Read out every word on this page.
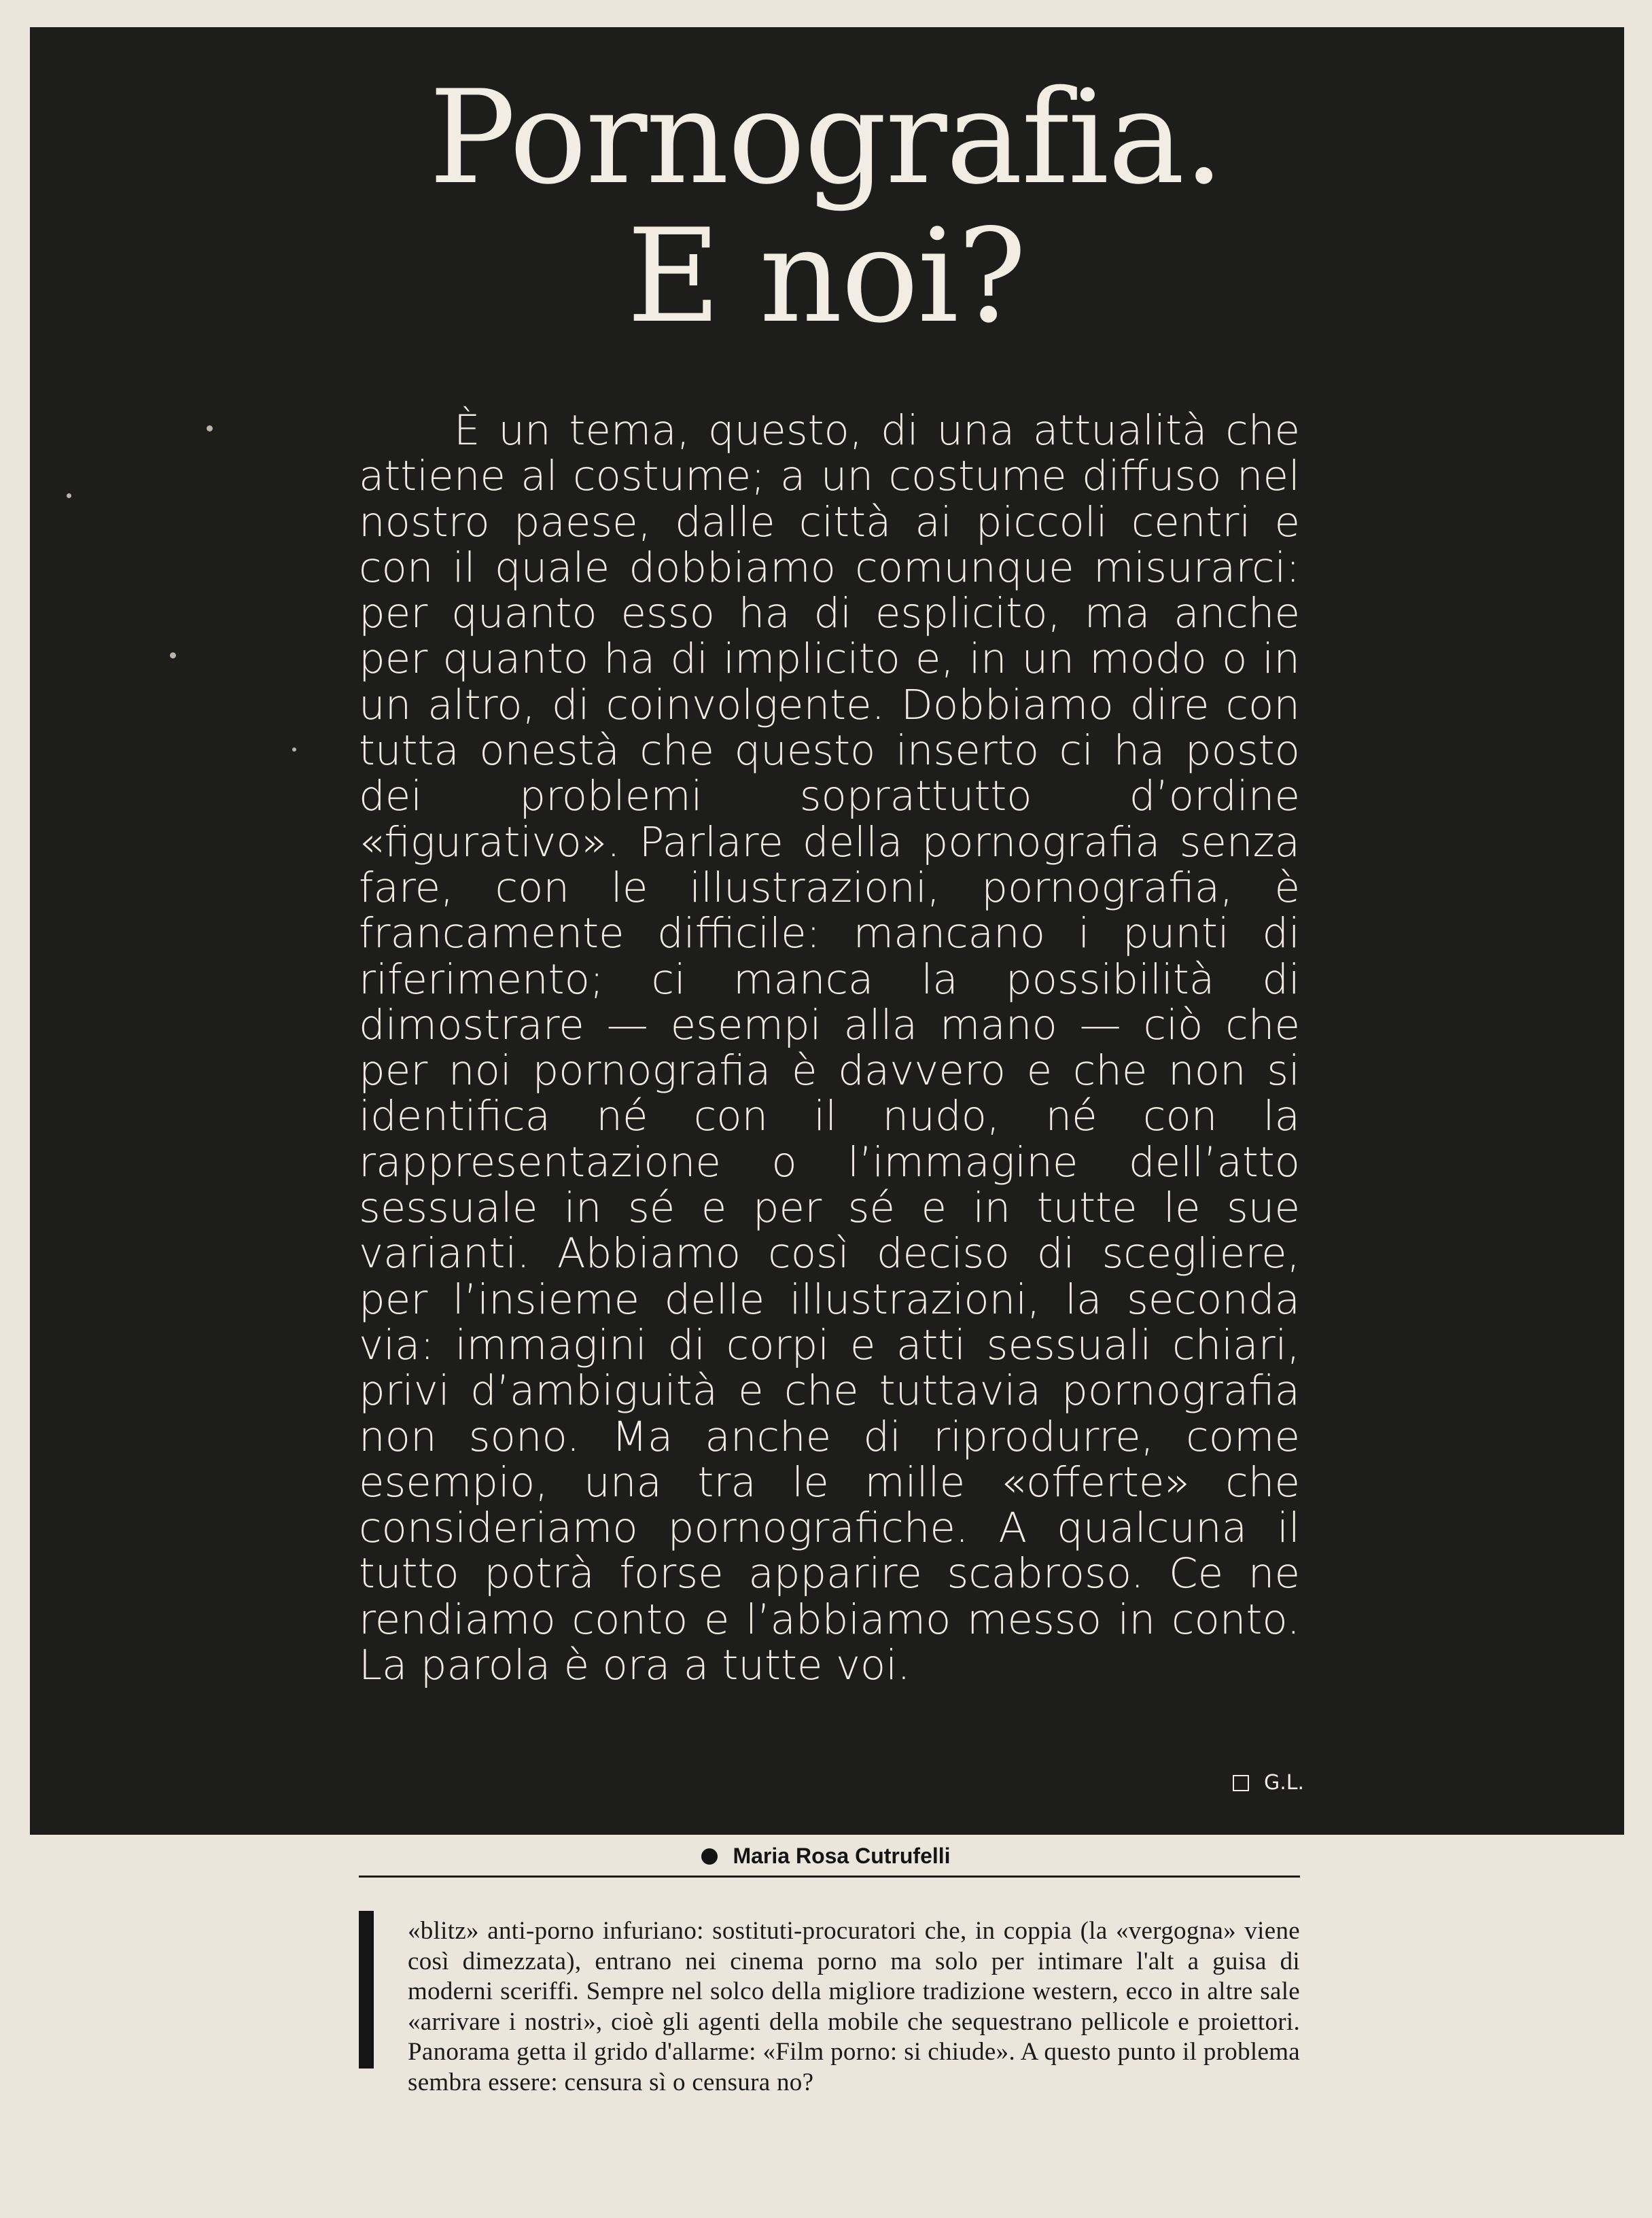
Pornografia.
E noi?
È un tema, questo, di una attualità che attiene al costume; a un costume diffuso nel nostro paese, dalle città ai piccoli centri e con il quale dobbiamo comunque misurarci: per quanto esso ha di esplicito, ma anche per quanto ha di implicito e, in un modo o in un altro, di coinvolgente. Dobbiamo dire con tutta onestà che questo inserto ci ha posto dei problemi soprattutto d’ordine «figurativo». Parlare della pornografia senza fare, con le illustrazioni, pornografia, è francamente difficile: mancano i punti di riferimento; ci manca la possibilità di dimostrare — esempi alla mano — ciò che per noi pornografia è davvero e che non si identifica né con il nudo, né con la rappresentazione o l’immagine dell’atto sessuale in sé e per sé e in tutte le sue varianti. Abbiamo così deciso di scegliere, per l’insieme delle illustrazioni, la seconda via: immagini di corpi e atti sessuali chiari, privi d’ambiguità e che tuttavia pornografia non sono. Ma anche di riprodurre, come esempio, una tra le mille «offerte» che consideriamo pornografiche. A qualcuna il tutto potrà forse apparire scabroso. Ce ne rendiamo conto e l’abbiamo messo in conto. La parola è ora a tutte voi.
G.L.
Maria Rosa Cutrufelli
«blitz» anti-porno infuriano: sostituti-procuratori che, in coppia (la «vergogna» viene così dimezzata), entrano nei cinema porno ma solo per intimare l'alt a guisa di moderni sceriffi. Sempre nel solco della migliore tradizione western, ecco in altre sale «arrivare i nostri», cioè gli agenti della mobile che sequestrano pellicole e proiettori. Panorama getta il grido d'allarme: «Film porno: si chiude». A questo punto il problema sembra essere: censura sì o censura no?
